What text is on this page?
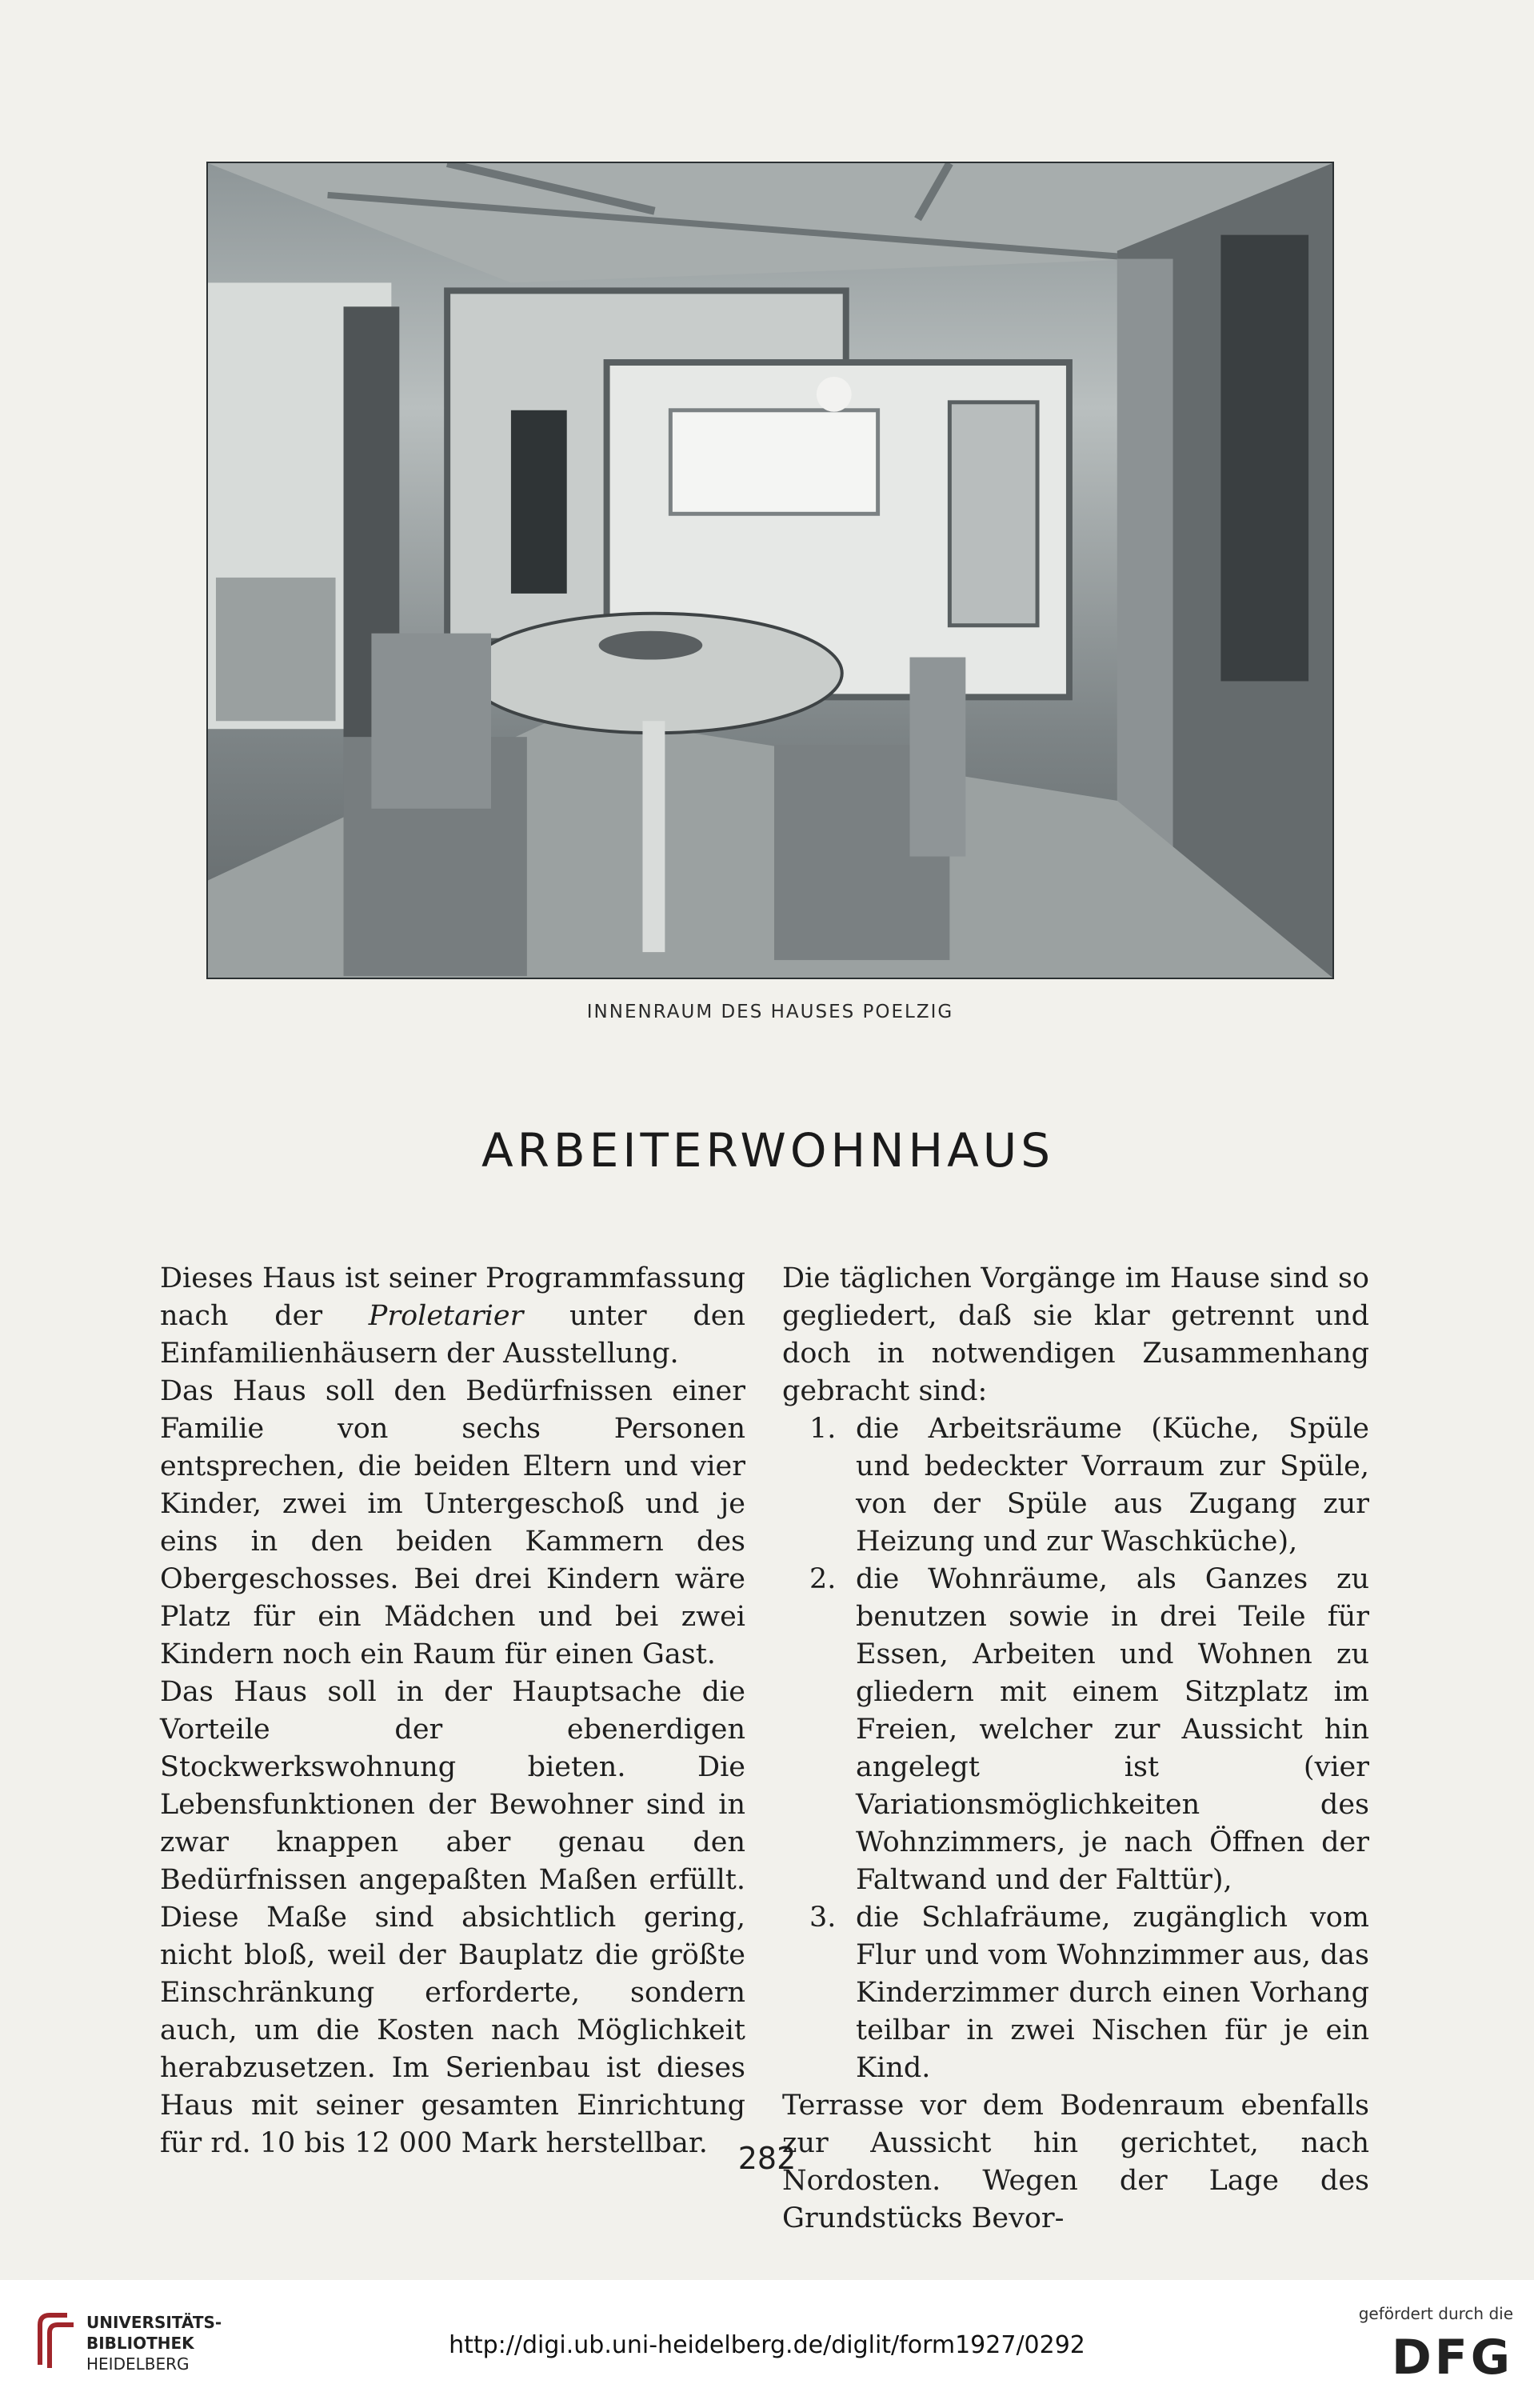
INNENRAUM DES HAUSES POELZIG
ARBEITERWOHNHAUS

Dieses Haus ist seiner Programmfassung nach der Proletarier unter den Einfamilienhäusern der Ausstellung.

Das Haus soll den Bedürfnissen einer Familie von sechs Personen entsprechen, die beiden Eltern und vier Kinder, zwei im Untergeschoß und je eins in den beiden Kammern des Obergeschosses. Bei drei Kindern wäre Platz für ein Mädchen und bei zwei Kindern noch ein Raum für einen Gast.

Das Haus soll in der Hauptsache die Vorteile der ebenerdigen Stockwerkswohnung bieten. Die Lebensfunktionen der Bewohner sind in zwar knappen aber genau den Bedürfnissen angepaßten Maßen erfüllt. Diese Maße sind absichtlich gering, nicht bloß, weil der Bauplatz die größte Einschränkung erforderte, sondern auch, um die Kosten nach Möglichkeit herabzusetzen. Im Serienbau ist dieses Haus mit seiner gesamten Einrichtung für rd. 10 bis 12 000 Mark herstellbar.

Die täglichen Vorgänge im Hause sind so gegliedert, daß sie klar getrennt und doch in notwendigen Zusammenhang gebracht sind:

1. die Arbeitsräume (Küche, Spüle und bedeckter Vorraum zur Spüle, von der Spüle aus Zugang zur Heizung und zur Waschküche),
2. die Wohnräume, als Ganzes zu benutzen sowie in drei Teile für Essen, Arbeiten und Wohnen zu gliedern mit einem Sitzplatz im Freien, welcher zur Aussicht hin angelegt ist (vier Variationsmöglichkeiten des Wohnzimmers, je nach Öffnen der Faltwand und der Falttür),
3. die Schlafräume, zugänglich vom Flur und vom Wohnzimmer aus, das Kinderzimmer durch einen Vorhang teilbar in zwei Nischen für je ein Kind.

Terrasse vor dem Bodenraum ebenfalls zur Aussicht hin gerichtet, nach Nordosten. Wegen der Lage des Grundstücks Bevor-

282
UNIVERSITÄTS-
BIBLIOTHEK
HEIDELBERG
http://digi.ub.uni-heidelberg.de/diglit/form1927/0292
gefördert durch die
DFG
